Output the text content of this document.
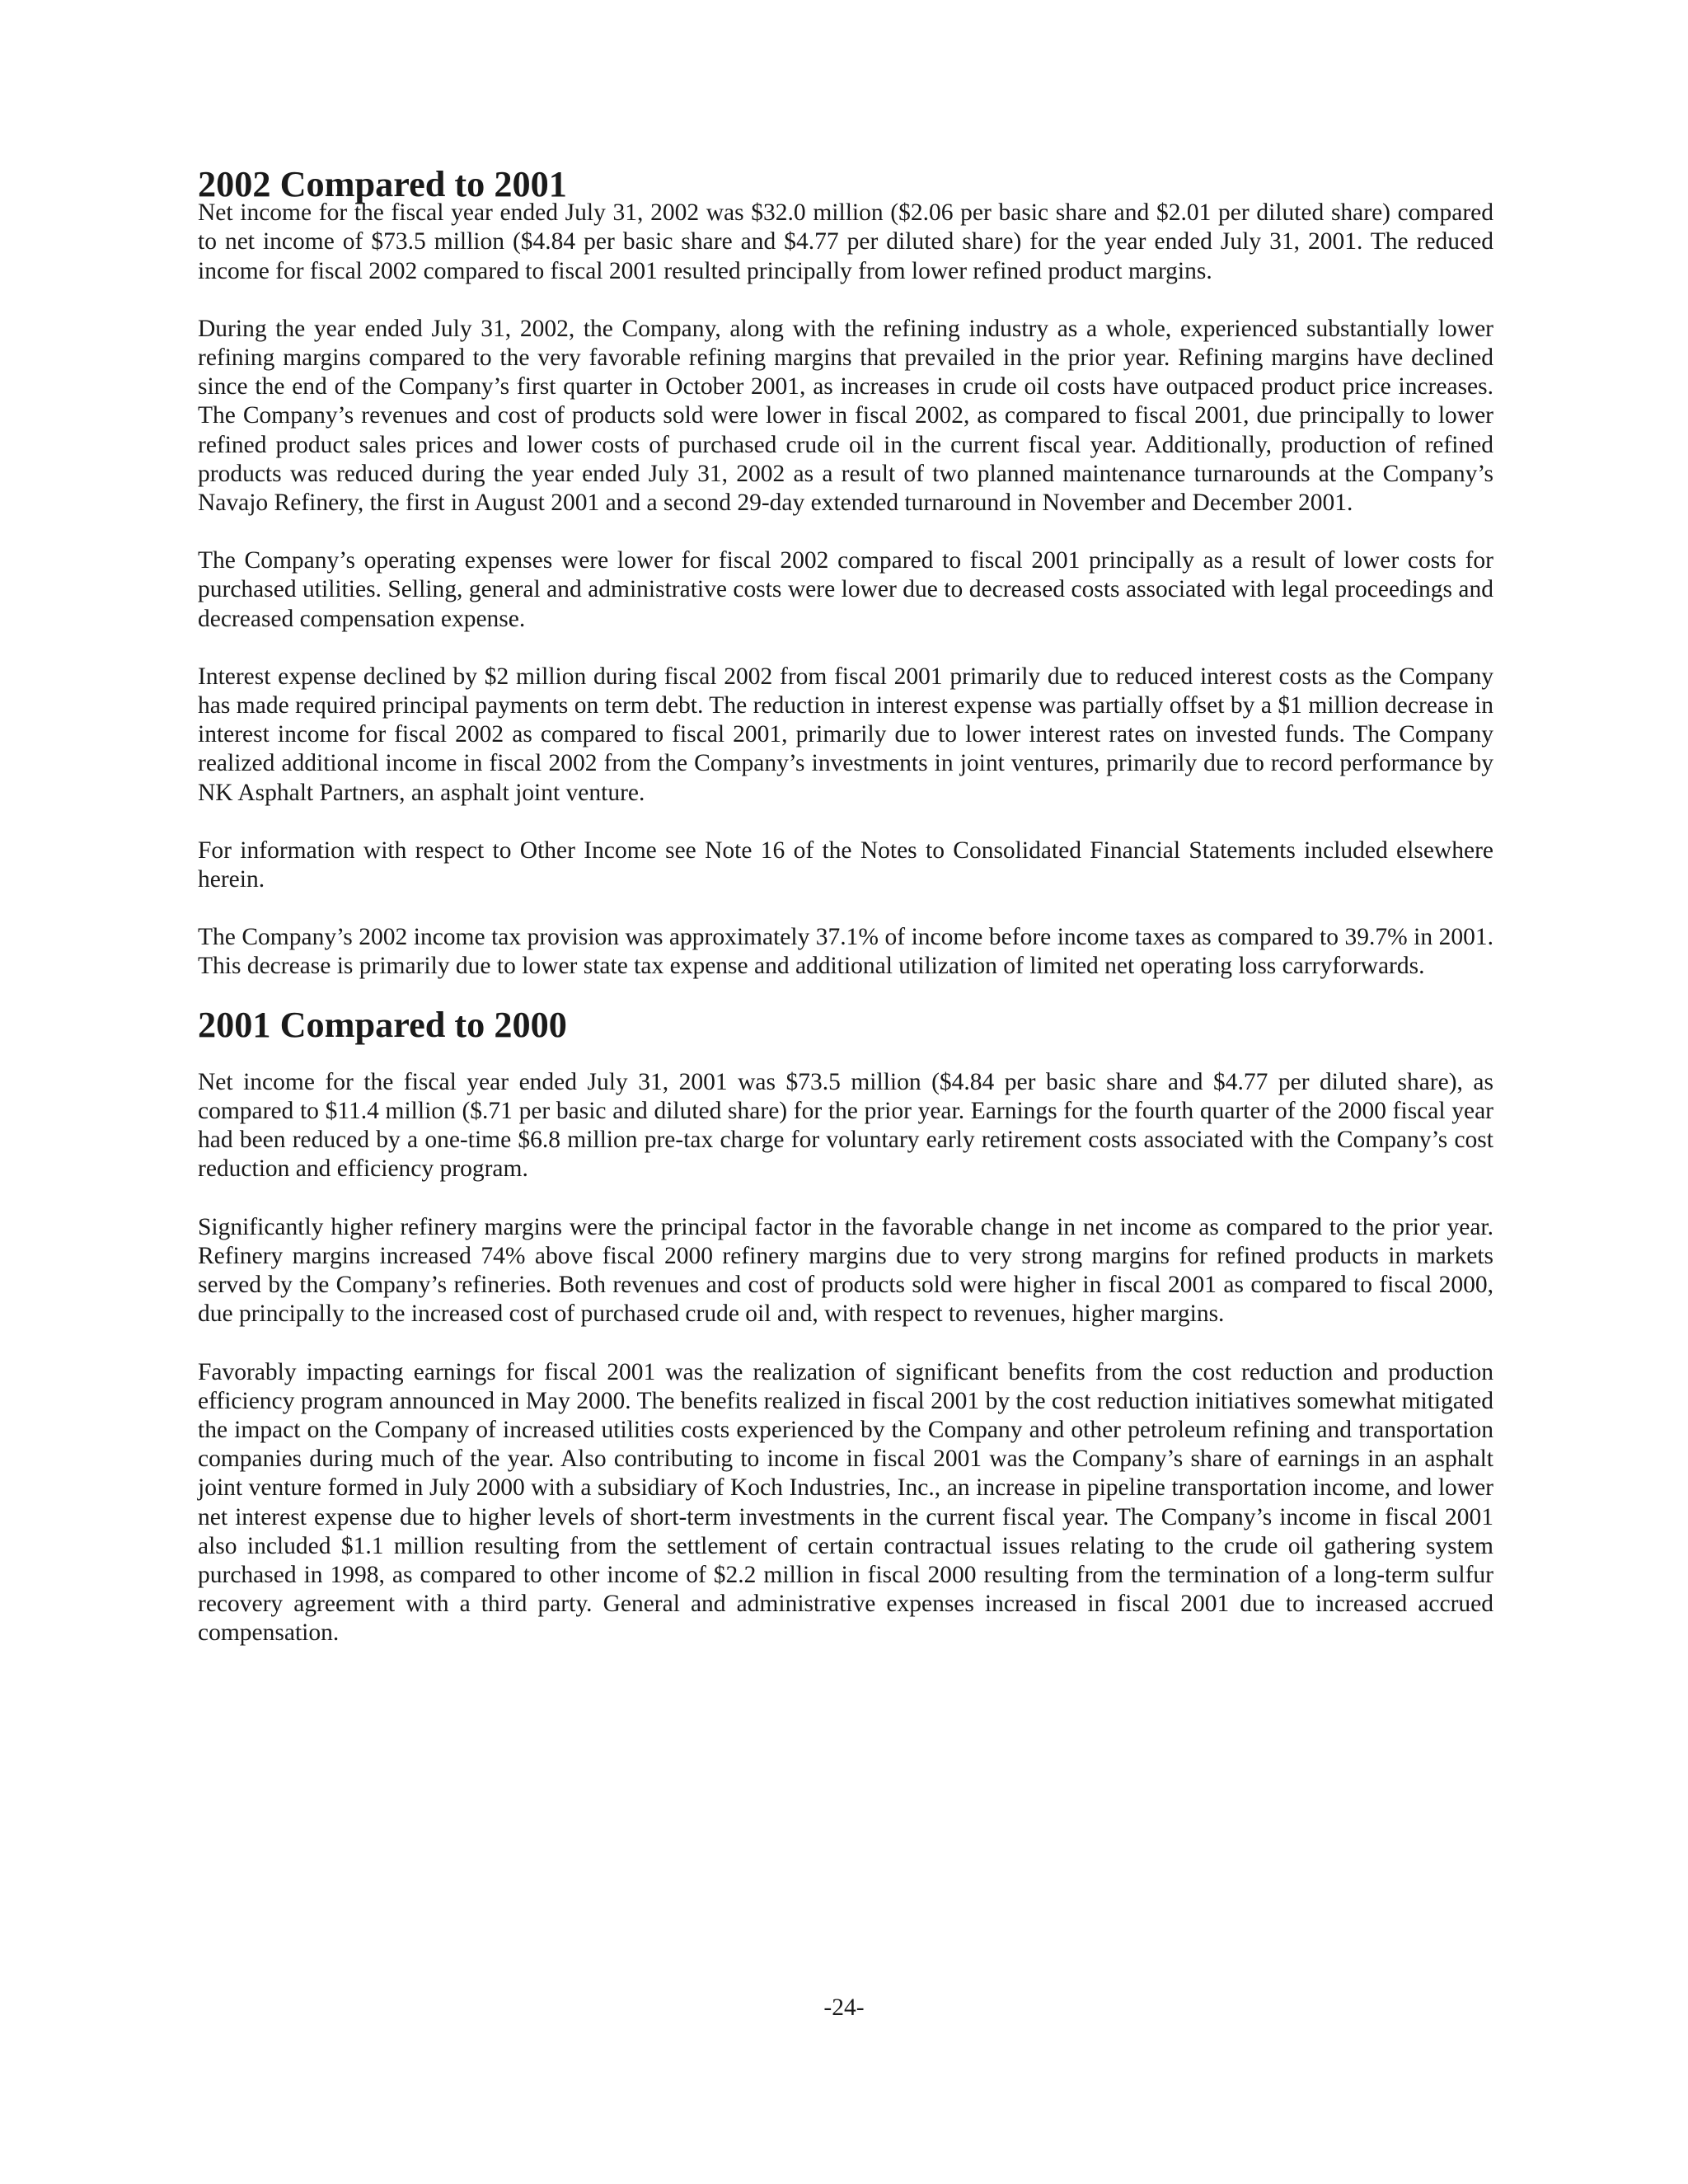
2002 Compared to 2001

Net income for the fiscal year ended July 31, 2002 was $32.0 million ($2.06 per basic share and $2.01 per diluted share) compared to net income of $73.5 million ($4.84 per basic share and $4.77 per diluted share) for the year ended July 31, 2001. The reduced income for fiscal 2002 compared to fiscal 2001 resulted principally from lower refined product margins.

During the year ended July 31, 2002, the Company, along with the refining industry as a whole, experienced substantially lower refining margins compared to the very favorable refining margins that prevailed in the prior year. Refining margins have declined since the end of the Company’s first quarter in October 2001, as increases in crude oil costs have outpaced product price increases. The Company’s revenues and cost of products sold were lower in fiscal 2002, as compared to fiscal 2001, due principally to lower refined product sales prices and lower costs of purchased crude oil in the current fiscal year. Additionally, production of refined products was reduced during the year ended July 31, 2002 as a result of two planned maintenance turnarounds at the Company’s Navajo Refinery, the first in August 2001 and a second 29-day extended turnaround in November and December 2001.

The Company’s operating expenses were lower for fiscal 2002 compared to fiscal 2001 principally as a result of lower costs for purchased utilities. Selling, general and administrative costs were lower due to decreased costs associated with legal proceedings and decreased compensation expense.

Interest expense declined by $2 million during fiscal 2002 from fiscal 2001 primarily due to reduced interest costs as the Company has made required principal payments on term debt. The reduction in interest expense was partially offset by a $1 million decrease in interest income for fiscal 2002 as compared to fiscal 2001, primarily due to lower interest rates on invested funds. The Company realized additional income in fiscal 2002 from the Company’s investments in joint ventures, primarily due to record performance by NK Asphalt Partners, an asphalt joint venture.

For information with respect to Other Income see Note 16 of the Notes to Consolidated Financial Statements included elsewhere herein.

The Company’s 2002 income tax provision was approximately 37.1% of income before income taxes as compared to 39.7% in 2001. This decrease is primarily due to lower state tax expense and additional utilization of limited net operating loss carryforwards.

2001 Compared to 2000

Net income for the fiscal year ended July 31, 2001 was $73.5 million ($4.84 per basic share and $4.77 per diluted share), as compared to $11.4 million ($.71 per basic and diluted share) for the prior year. Earnings for the fourth quarter of the 2000 fiscal year had been reduced by a one-time $6.8 million pre-tax charge for voluntary early retirement costs associated with the Company’s cost reduction and efficiency program.

Significantly higher refinery margins were the principal factor in the favorable change in net income as compared to the prior year. Refinery margins increased 74% above fiscal 2000 refinery margins due to very strong margins for refined products in markets served by the Company’s refineries. Both revenues and cost of products sold were higher in fiscal 2001 as compared to fiscal 2000, due principally to the increased cost of purchased crude oil and, with respect to revenues, higher margins.

Favorably impacting earnings for fiscal 2001 was the realization of significant benefits from the cost reduction and production efficiency program announced in May 2000. The benefits realized in fiscal 2001 by the cost reduction initiatives somewhat mitigated the impact on the Company of increased utilities costs experienced by the Company and other petroleum refining and transportation companies during much of the year. Also contributing to income in fiscal 2001 was the Company’s share of earnings in an asphalt joint venture formed in July 2000 with a subsidiary of Koch Industries, Inc., an increase in pipeline transportation income, and lower net interest expense due to higher levels of short-term investments in the current fiscal year. The Company’s income in fiscal 2001 also included $1.1 million resulting from the settlement of certain contractual issues relating to the crude oil gathering system purchased in 1998, as compared to other income of $2.2 million in fiscal 2000 resulting from the termination of a long-term sulfur recovery agreement with a third party. General and administrative expenses increased in fiscal 2001 due to increased accrued compensation.

-24-
